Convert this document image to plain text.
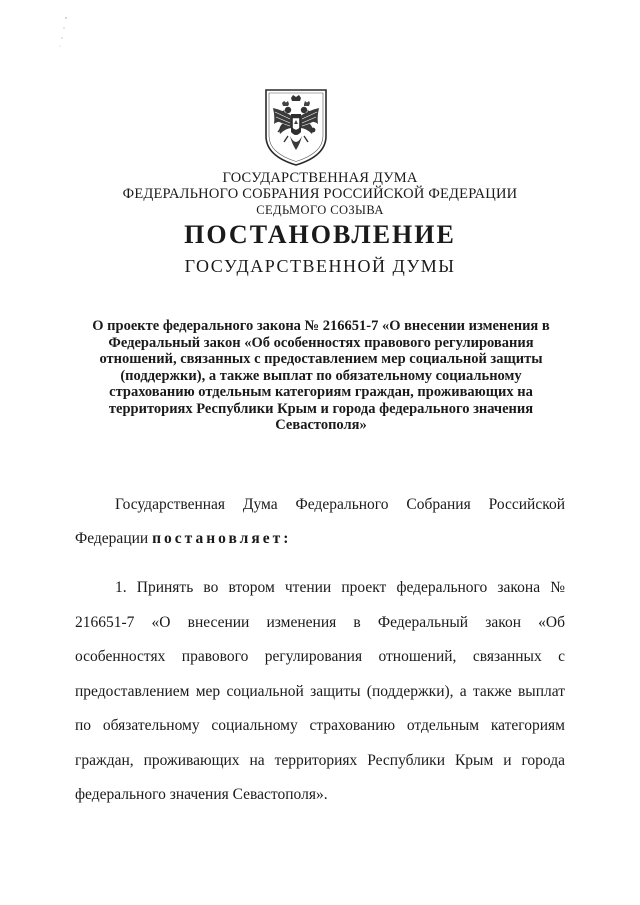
ГОСУДАРСТВЕННАЯ ДУМА
ФЕДЕРАЛЬНОГО СОБРАНИЯ РОССИЙСКОЙ ФЕДЕРАЦИИ
СЕДЬМОГО СОЗЫВА
ПОСТАНОВЛЕНИЕ
ГОСУДАРСТВЕННОЙ ДУМЫ
О проекте федерального закона № 216651-7 «О внесении изменения в Федеральный закон «Об особенностях правового регулирования отношений, связанных с предоставлением мер социальной защиты (поддержки), а также выплат по обязательному социальному страхованию отдельным категориям граждан, проживающих на территориях Республики Крым и города федерального значения Севастополя»
Государственная Дума Федерального Собрания Российской Федерации постановляет:
1. Принять во втором чтении проект федерального закона № 216651-7 «О внесении изменения в Федеральный закон «Об особенностях правового регулирования отношений, связанных с предоставлением мер социальной защиты (поддержки), а также выплат по обязательному социальному страхованию отдельным категориям граждан, проживающих на территориях Республики Крым и города федерального значения Севастополя».
